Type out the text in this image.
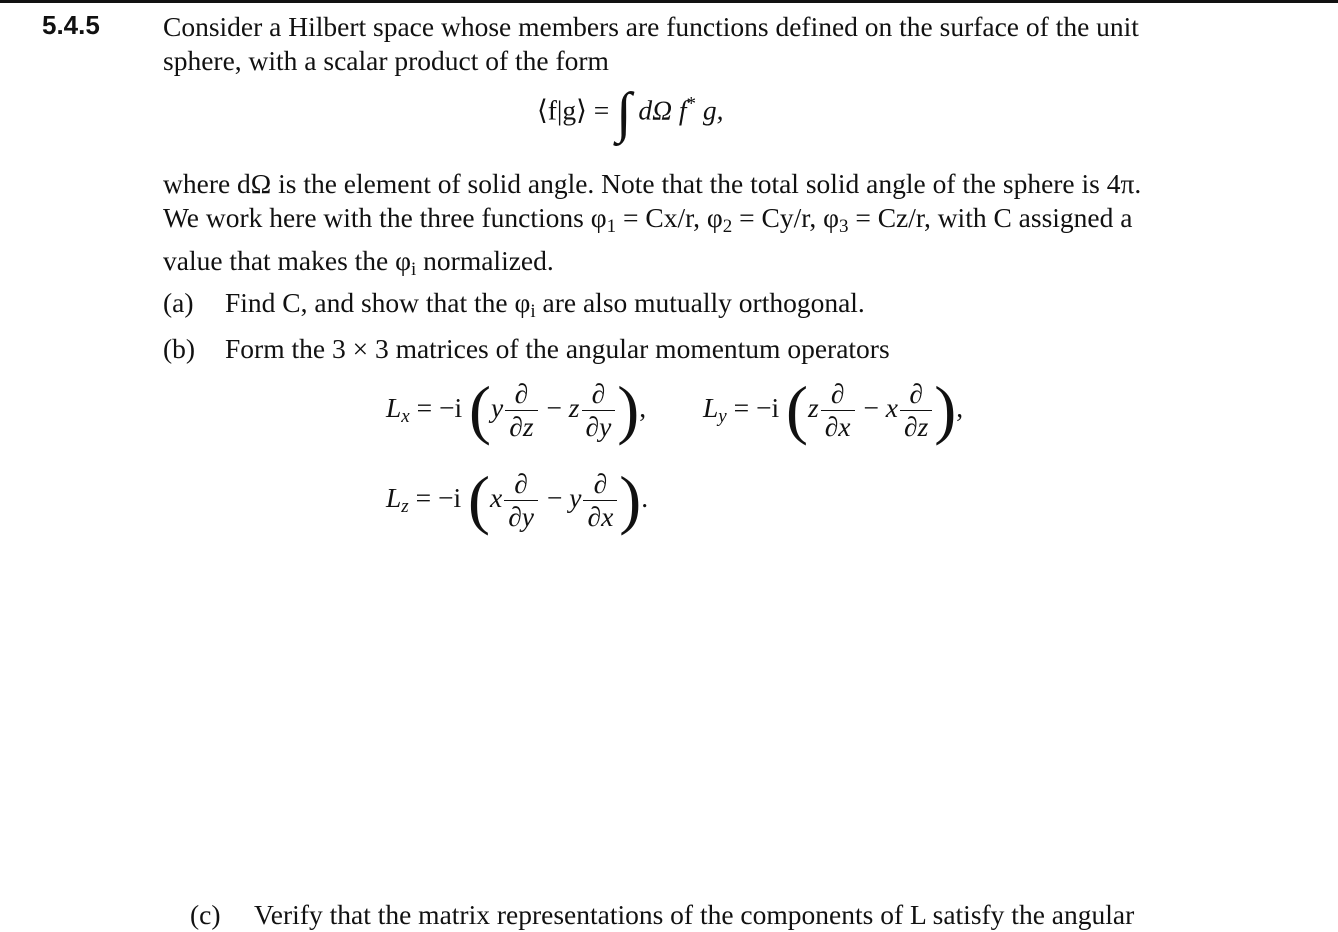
5.4.5 Consider a Hilbert space whose members are functions defined on the surface of the unit sphere, with a scalar product of the form

⟨f|g⟩ = ∫ dΩ f* g,

where dΩ is the element of solid angle. Note that the total solid angle of the sphere is 4π. We work here with the three functions $\varphi_1 = Cx/r$, $\varphi_2 = Cy/r$, $\varphi_3 = Cz/r$, with C assigned a value that makes the $\varphi_i$ normalized.

(a) Find C, and show that the $\varphi_i$ are also mutually orthogonal.
(b) Form the 3 × 3 matrices of the angular momentum operators
$L_x = -i$ ($y \frac{\partial}{\partial z} - z \frac{\partial}{\partial y}$ ), $L_y = -i$ ($z \frac{\partial}{\partial x} - x \frac{\partial}{\partial z}$ ),
$L_z = -i$ ($x \frac{\partial}{\partial y} - y \frac{\partial}{\partial x}$ ).
(c) Verify that the matrix representations of the components of L satisfy the angular
